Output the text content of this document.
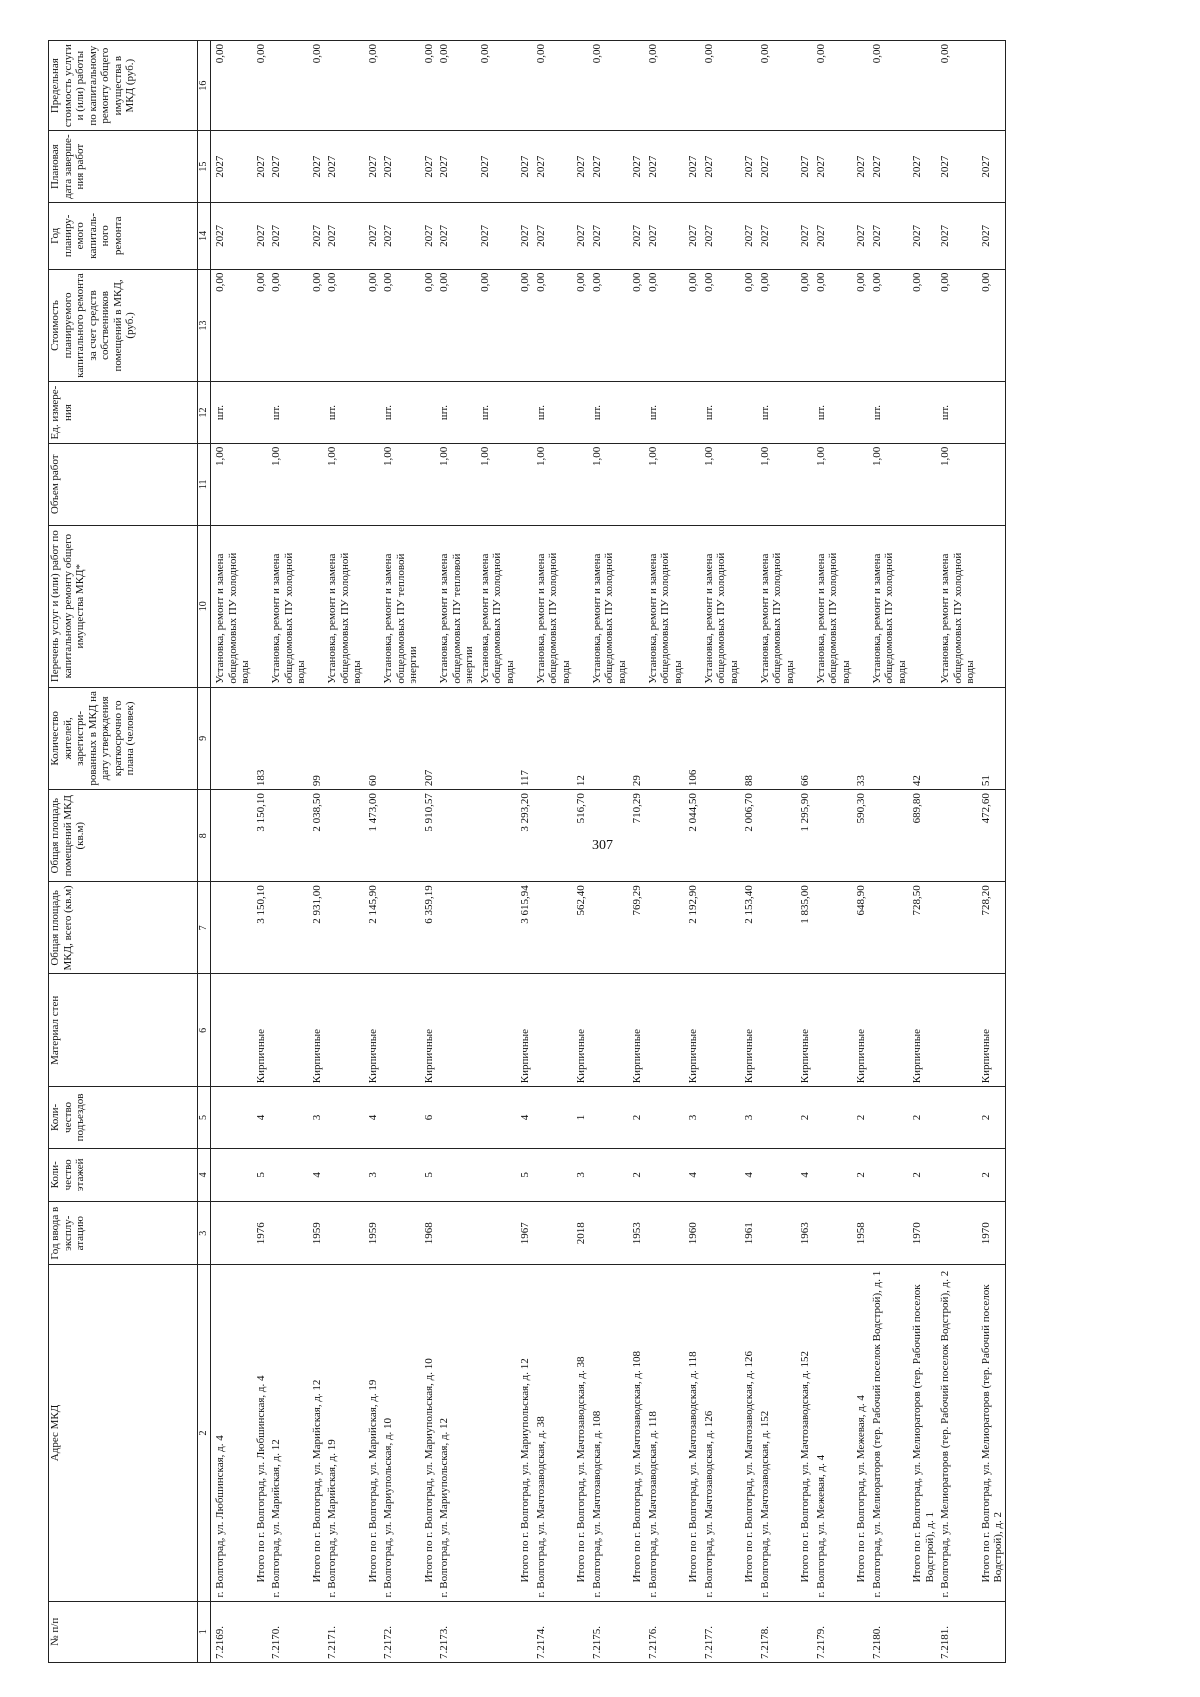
307
№ п/п	Адрес МКД	Год ввода в эксплу-атацию	Коли-чество этажей	Коли-чество подъездов	Материал стен	Общая площадь МКД, всего (кв.м)	Общая площадь помещений МКД (кв.м)	Количество жителей, зарегистри-рованных в МКД на дату утверждения краткосрочно го плана (человек)	Перечень услуг и (или) работ по капитальному ремонту общего имущества МКД*	Объем работ	Ед. измере-ния	Стоимость планируемого капитального ремонта за счет средств собственников помещений в МКД, (руб.)	Год планиру-емого капиталь-ного ремонта	Плановая дата заверше-ния работ	Предельная стоимость услуги и (или) работы по капитальному ремонту общего имущества в МКД (руб.)
1	2	3	4	5	6	7	8	9	10	11	12	13	14	15	16
7.2169.	г. Волгоград, ул. Любшинская, д. 4								Установка, ремонт и замена общедомовых ПУ холодной воды	1,00	шт.	0,00	2027	2027	0,00
	Итого по г. Волгоград, ул. Любшинская, д. 4	1976	5	4	Кирпичные	3 150,10	3 150,10	183				0,00	2027	2027	0,00
7.2170.	г. Волгоград, ул. Марийская, д. 12								Установка, ремонт и замена общедомовых ПУ холодной воды	1,00	шт.	0,00	2027	2027	
	Итого по г. Волгоград, ул. Марийская, д. 12	1959	4	3	Кирпичные	2 931,00	2 038,50	99				0,00	2027	2027	0,00
7.2171.	г. Волгоград, ул. Марийская, д. 19								Установка, ремонт и замена общедомовых ПУ холодной воды	1,00	шт.	0,00	2027	2027	
	Итого по г. Волгоград, ул. Марийская, д. 19	1959	3	4	Кирпичные	2 145,90	1 473,00	60				0,00	2027	2027	0,00
7.2172.	г. Волгоград, ул. Мариупольская, д. 10								Установка, ремонт и замена общедомовых ПУ тепловой энергии	1,00	шт.	0,00	2027	2027	
	Итого по г. Волгоград, ул. Мариупольская, д. 10	1968	5	6	Кирпичные	6 359,19	5 910,57	207				0,00	2027	2027	0,00
7.2173.	г. Волгоград, ул. Мариупольская, д. 12								Установка, ремонт и замена общедомовых ПУ тепловой энергии	1,00	шт.	0,00	2027	2027	0,00
									Установка, ремонт и замена общедомовых ПУ холодной воды	1,00	шт.	0,00	2027	2027	0,00
	Итого по г. Волгоград, ул. Мариупольская, д. 12	1967	5	4	Кирпичные	3 615,94	3 293,20	117				0,00	2027	2027	
7.2174.	г. Волгоград, ул. Мачтозаводская, д. 38								Установка, ремонт и замена общедомовых ПУ холодной воды	1,00	шт.	0,00	2027	2027	0,00
	Итого по г. Волгоград, ул. Мачтозаводская, д. 38	2018	3	1	Кирпичные	562,40	516,70	12				0,00	2027	2027	
7.2175.	г. Волгоград, ул. Мачтозаводская, д. 108								Установка, ремонт и замена общедомовых ПУ холодной воды	1,00	шт.	0,00	2027	2027	0,00
	Итого по г. Волгоград, ул. Мачтозаводская, д. 108	1953	2	2	Кирпичные	769,29	710,29	29				0,00	2027	2027	
7.2176.	г. Волгоград, ул. Мачтозаводская, д. 118								Установка, ремонт и замена общедомовых ПУ холодной воды	1,00	шт.	0,00	2027	2027	0,00
	Итого по г. Волгоград, ул. Мачтозаводская, д. 118	1960	4	3	Кирпичные	2 192,90	2 044,50	106				0,00	2027	2027	
7.2177.	г. Волгоград, ул. Мачтозаводская, д. 126								Установка, ремонт и замена общедомовых ПУ холодной воды	1,00	шт.	0,00	2027	2027	0,00
	Итого по г. Волгоград, ул. Мачтозаводская, д. 126	1961	4	3	Кирпичные	2 153,40	2 006,70	88				0,00	2027	2027	
7.2178.	г. Волгоград, ул. Мачтозаводская, д. 152								Установка, ремонт и замена общедомовых ПУ холодной воды	1,00	шт.	0,00	2027	2027	0,00
	Итого по г. Волгоград, ул. Мачтозаводская, д. 152	1963	4	2	Кирпичные	1 835,00	1 295,90	66				0,00	2027	2027	
7.2179.	г. Волгоград, ул. Межевая, д. 4								Установка, ремонт и замена общедомовых ПУ холодной воды	1,00	шт.	0,00	2027	2027	0,00
	Итого по г. Волгоград, ул. Межевая, д. 4	1958	2	2	Кирпичные	648,90	590,30	33				0,00	2027	2027	
7.2180.	г. Волгоград, ул. Мелиораторов (тер. Рабочий поселок Водстрой), д. 1								Установка, ремонт и замена общедомовых ПУ холодной воды	1,00	шт.	0,00	2027	2027	0,00
	Итого по г. Волгоград, ул. Мелиораторов (тер. Рабочий поселок Водстрой), д. 1	1970	2	2	Кирпичные	728,50	689,80	42				0,00	2027	2027	
7.2181.	г. Волгоград, ул. Мелиораторов (тер. Рабочий поселок Водстрой), д. 2								Установка, ремонт и замена общедомовых ПУ холодной воды	1,00	шт.	0,00	2027	2027	0,00
	Итого по г. Волгоград, ул. Мелиораторов (тер. Рабочий поселок Водстрой), д. 2	1970	2	2	Кирпичные	728,20	472,60	51				0,00	2027	2027	
